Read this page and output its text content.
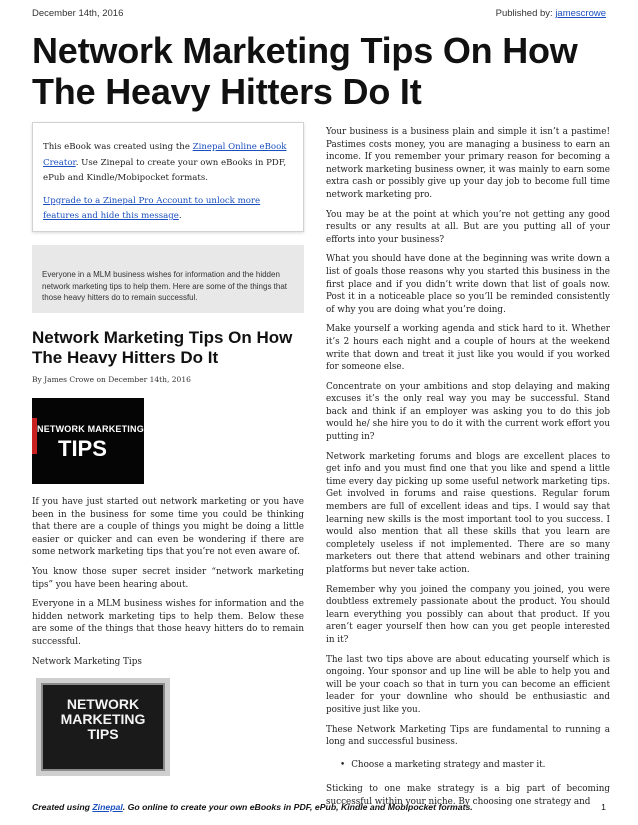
December 14th, 2016	Published by: jamescrowe
Network Marketing Tips On How The Heavy Hitters Do It

This eBook was created using the Zinepal Online eBook Creator. Use Zinepal to create your own eBooks in PDF, ePub and Kindle/Mobipocket formats.

Upgrade to a Zinepal Pro Account to unlock more features and hide this message.

Everyone in a MLM business wishes for information and the hidden network marketing tips to help them. Here are some of the things that those heavy hitters do to remain successful.
Network Marketing Tips On How The Heavy Hitters Do It
By James Crowe on December 14th, 2016
NETWORK MARKETING
TIPS

If you have just started out network marketing or you have been in the business for some time you could be thinking that there are a couple of things you might be doing a little easier or quicker and can even be wondering if there are some network marketing tips that you’re not even aware of.

You know those super secret insider “network marketing tips” you have been hearing about.

Everyone in a MLM business wishes for information and the hidden network marketing tips to help them. Below these are some of the things that those heavy hitters do to remain successful.

Network Marketing Tips

NETWORK
MARKETING
TIPS

Your business is a business plain and simple it isn’t a pastime! Pastimes costs money, you are managing a business to earn an income. If you remember your primary reason for becoming a network marketing business owner, it was mainly to earn some extra cash or possibly give up your day job to become full time network marketing pro.

You may be at the point at which you’re not getting any good results or any results at all. But are you putting all of your efforts into your business?

What you should have done at the beginning was write down a list of goals those reasons why you started this business in the first place and if you didn’t write down that list of goals now. Post it in a noticeable place so you’ll be reminded consistently of why you are doing what you’re doing.

Make yourself a working agenda and stick hard to it. Whether it’s 2 hours each night and a couple of hours at the weekend write that down and treat it just like you would if you worked for someone else.

Concentrate on your ambitions and stop delaying and making excuses it’s the only real way you may be successful. Stand back and think if an employer was asking you to do this job would he/ she hire you to do it with the current work effort you putting in?

Network marketing forums and blogs are excellent places to get info and you must find one that you like and spend a little time every day picking up some useful network marketing tips. Get involved in forums and raise questions. Regular forum members are full of excellent ideas and tips. I would say that learning new skills is the most important tool to you success. I would also mention that all these skills that you learn are completely useless if not implemented. There are so many marketers out there that attend webinars and other training platforms but never take action.

Remember why you joined the company you joined, you were doubtless extremely passionate about the product. You should learn everything you possibly can about that product. If you aren’t eager yourself then how can you get people interested in it?

The last two tips above are about educating yourself which is ongoing. Your sponsor and up line will be able to help you and will be your coach so that in turn you can become an efficient leader for your downline who should be enthusiastic and positive just like you.

These Network Marketing Tips are fundamental to running a long and successful business.

• Choose a marketing strategy and master it.

Sticking to one make strategy is a big part of becoming successful within your niche. By choosing one strategy and

Created using Zinepal. Go online to create your own eBooks in PDF, ePub, Kindle and Mobipocket formats.	1
